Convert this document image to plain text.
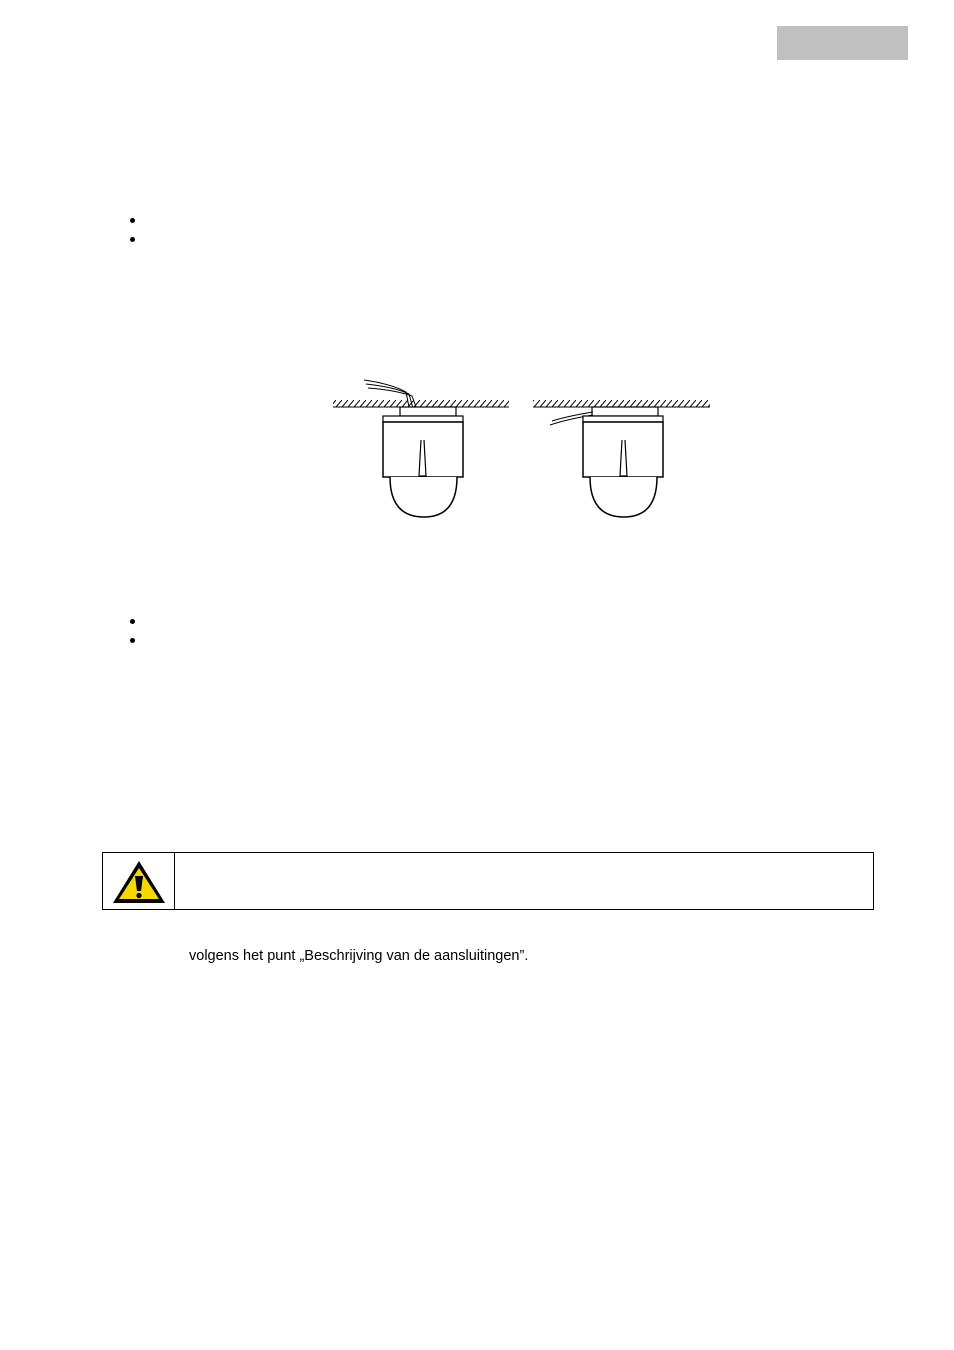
volgens het punt „Beschrijving van de aansluitingen”.
